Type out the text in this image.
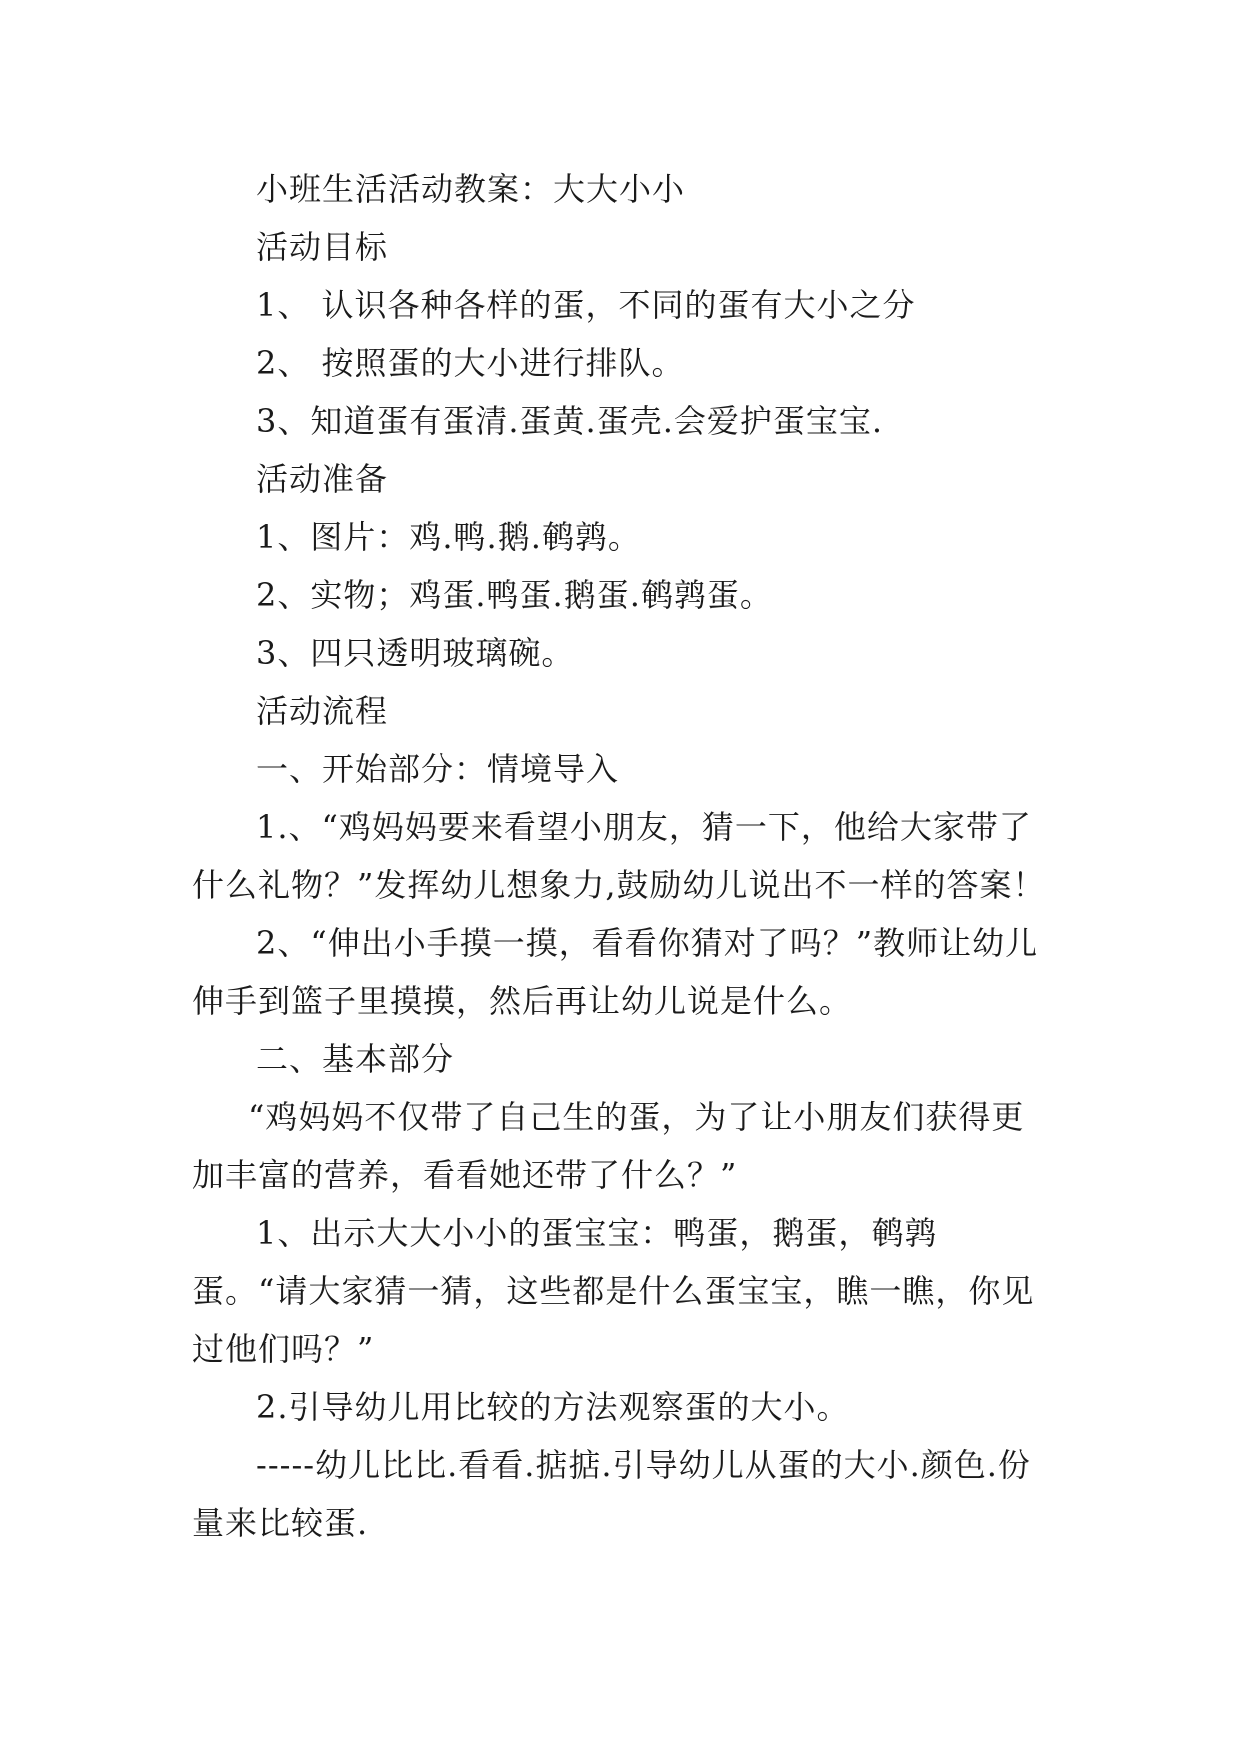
小班生活活动教案：大大小小

活动目标

1、 认识各种各样的蛋，不同的蛋有大小之分

2、 按照蛋的大小进行排队。

3、知道蛋有蛋清.蛋黄.蛋壳.会爱护蛋宝宝.

活动准备

1、图片：鸡.鸭.鹅.鹌鹑。

2、实物；鸡蛋.鸭蛋.鹅蛋.鹌鹑蛋。

3、四只透明玻璃碗。

活动流程

一、开始部分：情境导入

1.、“鸡妈妈要来看望小朋友，猜一下，他给大家带了什么礼物？”发挥幼儿想象力,鼓励幼儿说出不一样的答案！

2、“伸出小手摸一摸，看看你猜对了吗？”教师让幼儿伸手到篮子里摸摸，然后再让幼儿说是什么。

二、基本部分

“鸡妈妈不仅带了自己生的蛋，为了让小朋友们获得更加丰富的营养，看看她还带了什么？”

1、出示大大小小的蛋宝宝：鸭蛋，鹅蛋，鹌鹑蛋。“请大家猜一猜，这些都是什么蛋宝宝，瞧一瞧，你见过他们吗？”

2.引导幼儿用比较的方法观察蛋的大小。

-----幼儿比比.看看.掂掂.引导幼儿从蛋的大小.颜色.份量来比较蛋.
